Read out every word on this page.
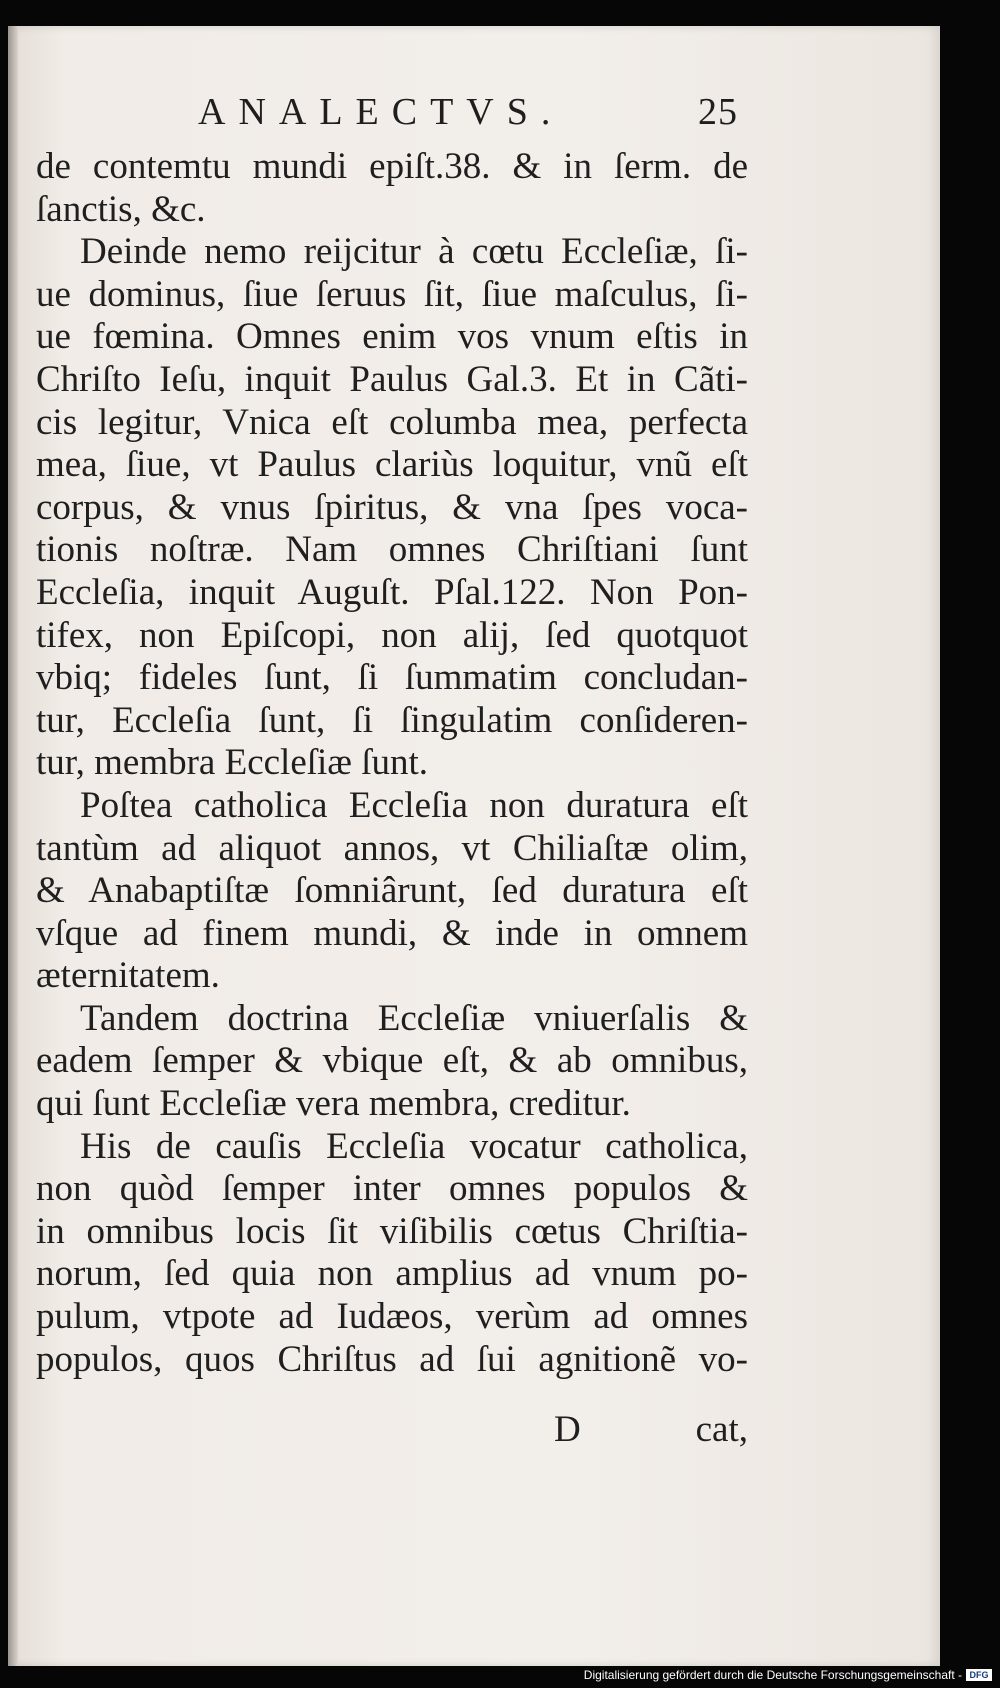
ANALECTVS.	25
de contemtu mundi epiſt.38. & in ſerm. de
ſanctis, &c.
Deinde nemo reijcitur à cœtu Eccleſiæ, ſi-
ue dominus, ſiue ſeruus ſit, ſiue maſculus, ſi-
ue fœmina. Omnes enim vos vnum eſtis in
Chriſto Ieſu, inquit Paulus Gal.3. Et in Cãti-
cis legitur, Vnica eſt columba mea, perfecta
mea, ſiue, vt Paulus clariùs loquitur, vnũ eſt
corpus, & vnus ſpiritus, & vna ſpes voca-
tionis noſtræ. Nam omnes Chriſtiani ſunt
Eccleſia, inquit Auguſt. Pſal.122. Non Pon-
tifex, non Epiſcopi, non alij, ſed quotquot
vbiq; fideles ſunt, ſi ſummatim concludan-
tur, Eccleſia ſunt, ſi ſingulatim conſideren-
tur, membra Eccleſiæ ſunt.
Poſtea catholica Eccleſia non duratura eſt
tantùm ad aliquot annos, vt Chiliaſtæ olim,
& Anabaptiſtæ ſomniârunt, ſed duratura eſt
vſque ad finem mundi, & inde in omnem
æternitatem.
Tandem doctrina Eccleſiæ vniuerſalis &
eadem ſemper & vbique eſt, & ab omnibus,
qui ſunt Eccleſiæ vera membra, creditur.
His de cauſis Eccleſia vocatur catholica,
non quòd ſemper inter omnes populos &
in omnibus locis ſit viſibilis cœtus Chriſtia-
norum, ſed quia non amplius ad vnum po-
pulum, vtpote ad Iudæos, verùm ad omnes
populos, quos Chriſtus ad ſui agnitionẽ vo-
D	cat,
Digitalisierung gefördert durch die Deutsche Forschungsgemeinschaft - DFG
